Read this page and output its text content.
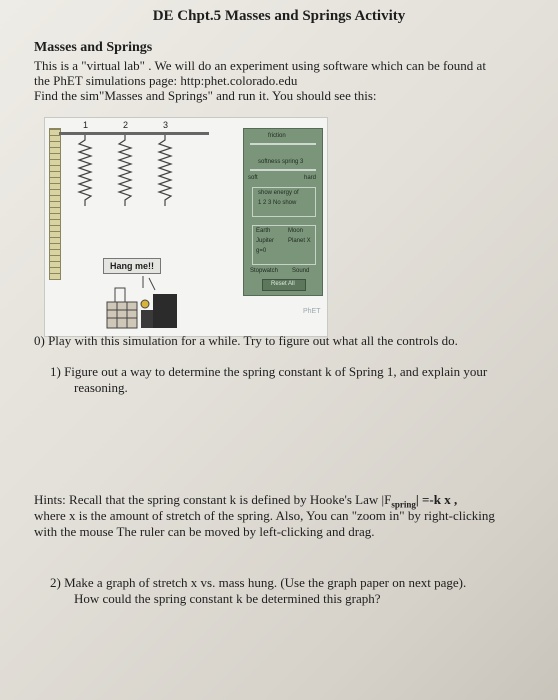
DE Chpt.5 Masses and Springs Activity
Masses and Springs
This is a "virtual lab" . We will do an experiment using software which can be found at
the PhET simulations page: http:phet.colorado.edu
Find the sim"Masses and Springs" and run it. You should see this:
1	2	3
Hang me!!
friction
softness spring 3
soft	hard
show energy of
1 2 3 No show
Earth	Moon
Jupiter Planet X
g=0
Stopwatch Sound
Reset All
PhET
0) Play with this simulation for a while. Try to figure out what all the controls do.
1) Figure out a way to determine the spring constant k of Spring 1, and explain your
reasoning.
Hints: Recall that the spring constant k is defined by Hooke's Law $|F_{spring}| =-k$ x ,
where x is the amount of stretch of the spring. Also, You can "zoom in" by right-clicking
with the mouse The ruler can be moved by left-clicking and drag.
2) Make a graph of stretch x vs. mass hung. (Use the graph paper on next page).
How could the spring constant k be determined this graph?
